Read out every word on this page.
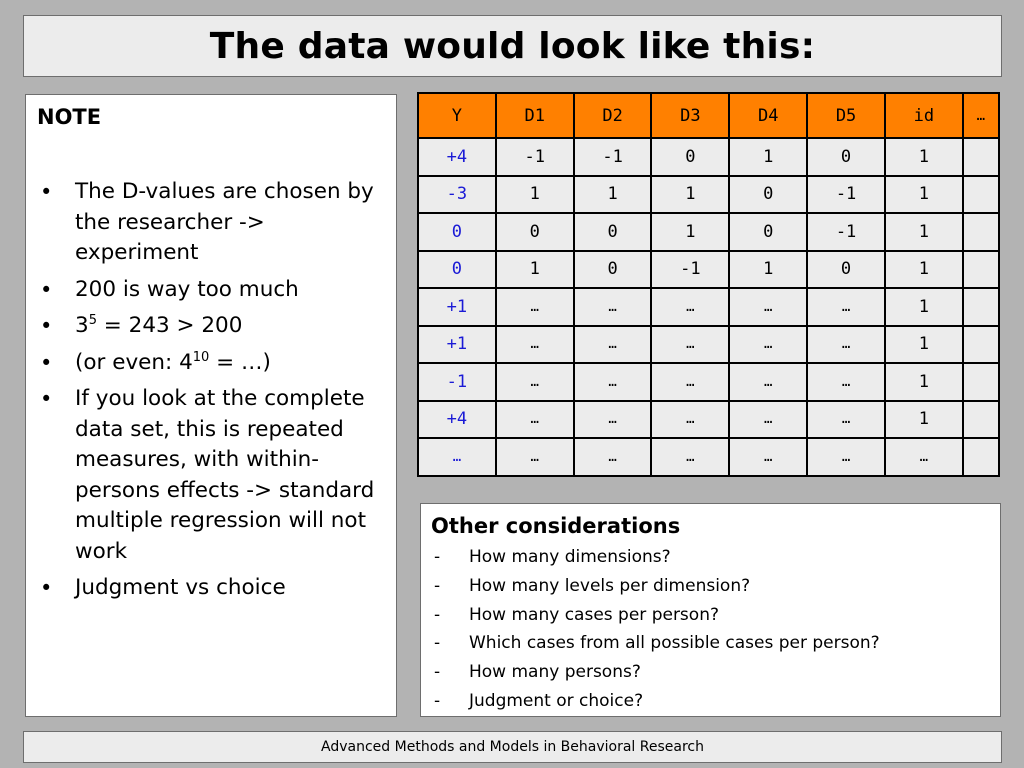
The data would look like this:
NOTE
• The D-values are chosen by the researcher -> experiment
• 200 is way too much
• $3^5 = 243 > 200$
• (or even: $4^{10}$ = …)
• If you look at the complete data set, this is repeated measures, with within-persons effects -> standard multiple regression will not work
• Judgment vs choice
Y	D1	D2	D3	D4	D5	id	…
+4	-1	-1	0	1	0	1	
-3	1	1	1	0	-1	1	
0	0	0	1	0	-1	1	
0	1	0	-1	1	0	1	
+1	…	…	…	…	…	1	
+1	…	…	…	…	…	1	
-1	…	…	…	…	…	1	
+4	…	…	…	…	…	1	
…	…	…	…	…	…	…	
Other considerations
- How many dimensions?
- How many levels per dimension?
- How many cases per person?
- Which cases from all possible cases per person?
- How many persons?
- Judgment or choice?
Advanced Methods and Models in Behavioral Research
